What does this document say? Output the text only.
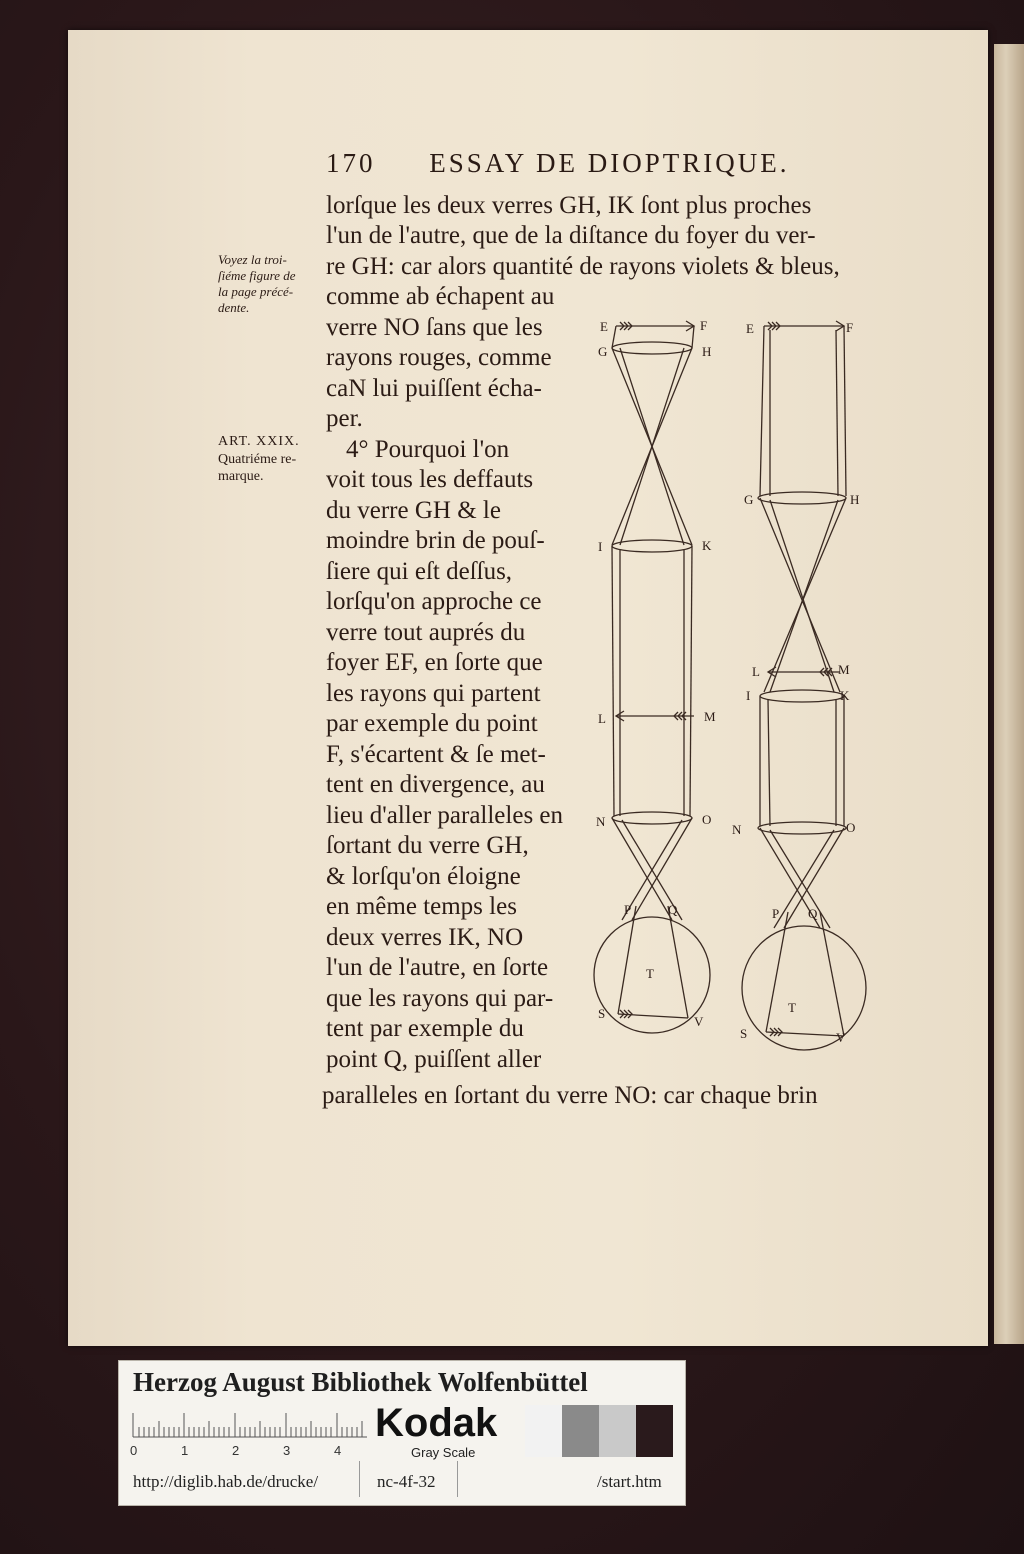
170 ESSAY DE DIOPTRIQUE.
lorſque les deux verres GH, IK ſont plus proches
l'un de l'autre, que de la diſtance du foyer du ver-
re GH: car alors quantité de rayons violets & bleus,
comme ab échapent au
verre NO ſans que les
rayons rouges, comme
caN lui puiſſent écha-
per.
4° Pourquoi l'on
voit tous les deffauts
du verre GH & le
moindre brin de pouſ-
ſiere qui eſt deſſus,
lorſqu'on approche ce
verre tout auprés du
foyer EF, en ſorte que
les rayons qui partent
par exemple du point
F, s'écartent & ſe met-
tent en divergence, au
lieu d'aller paralleles en
ſortant du verre GH,
& lorſqu'on éloigne
en même temps les
deux verres IK, NO
l'un de l'autre, en ſorte
que les rayons qui par-
tent par exemple du
point Q, puiſſent aller
paralleles en ſortant du verre NO: car chaque brin
Voyez la troi-
ſiéme figure de
la page précé-
dente.
ART. XXIX.
Quatriéme re-
marque.
E	F
G	H
I	K
L	M
N	O
P	Q
T
S
V
E	F
G	H
L	M
I	K
N	O
P Q
T
S	V
Herzog August Bibliothek Wolfenbüttel
0	1	2	3	4
Kodak
Gray Scale
http://diglib.hab.de/drucke/	nc-4f-32	/start.htm
